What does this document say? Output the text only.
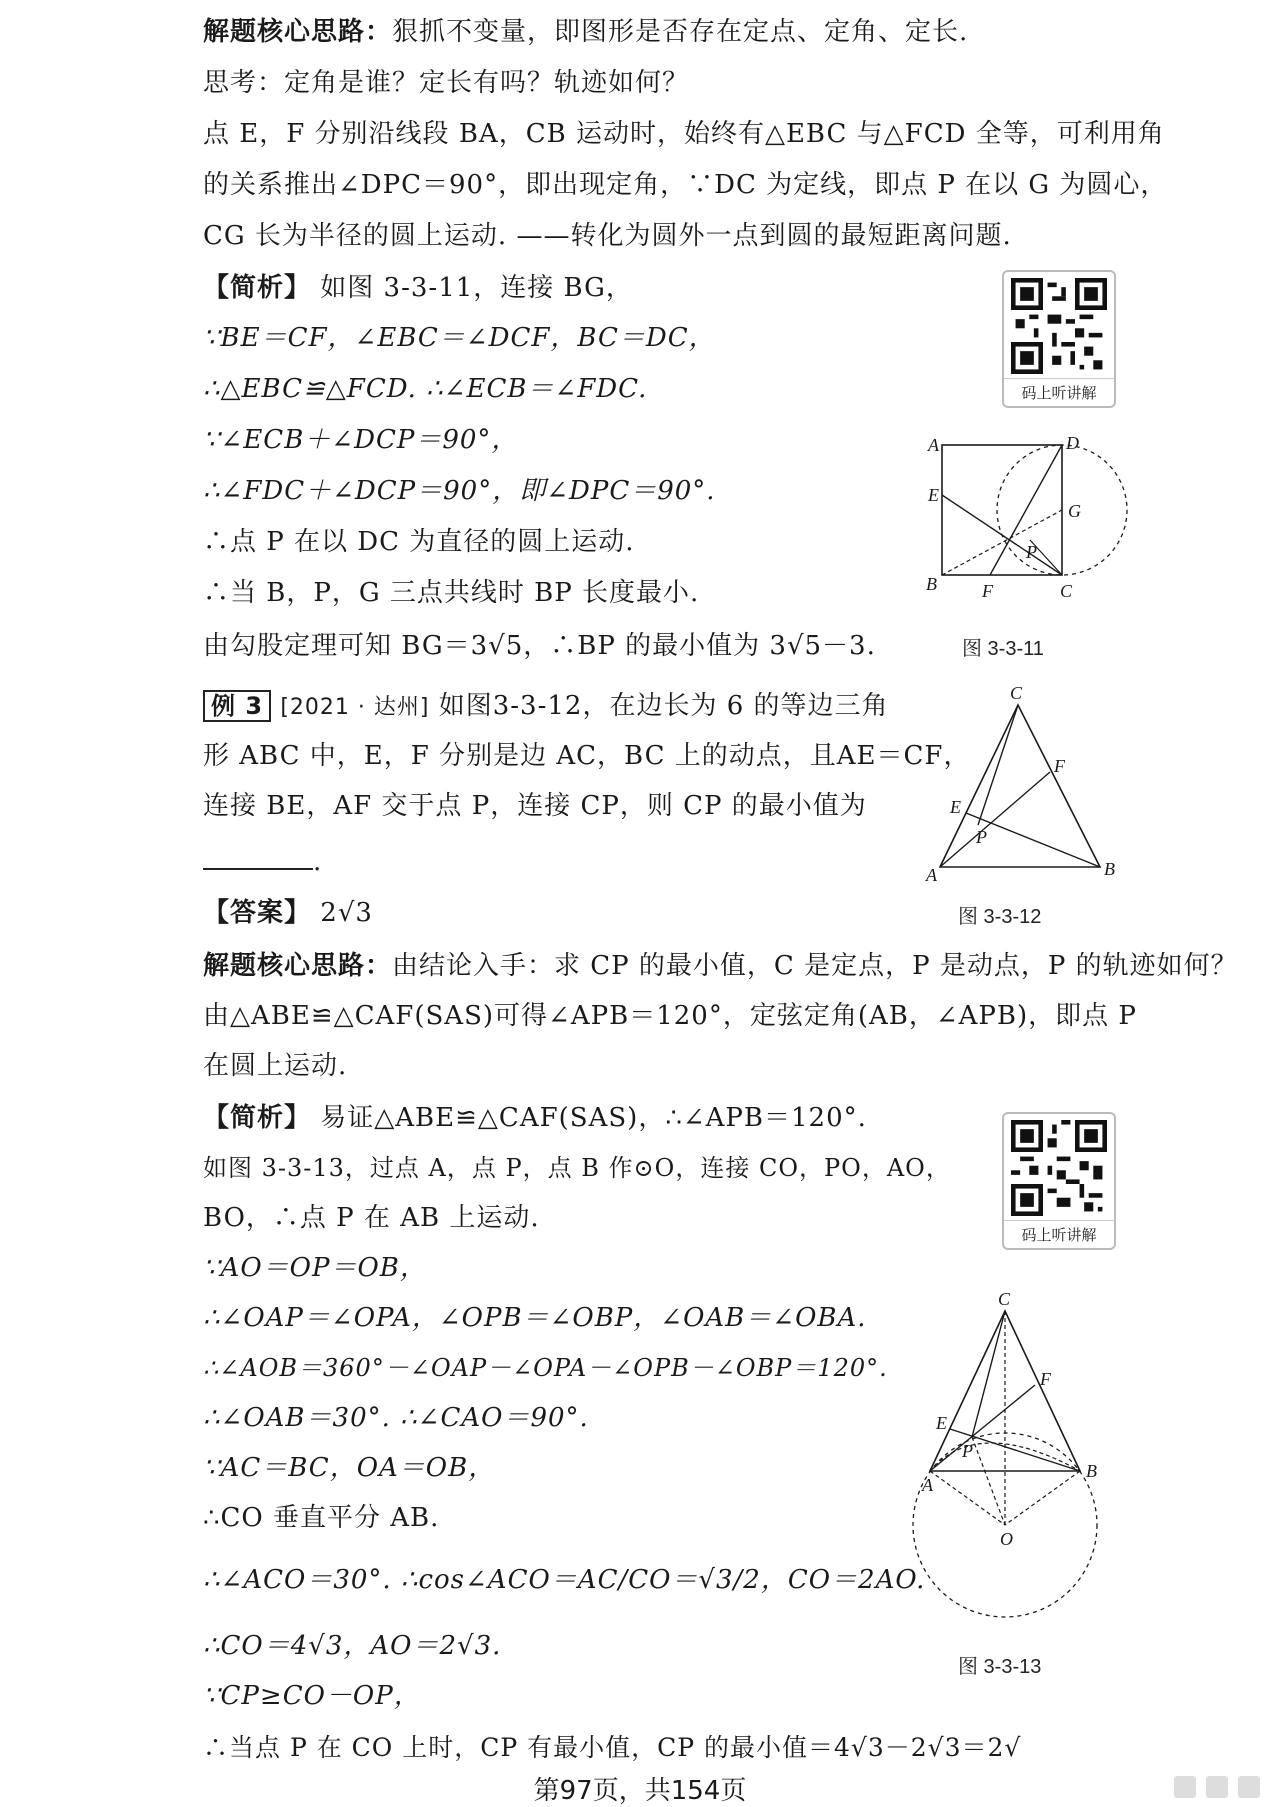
解题核心思路：狠抓不变量，即图形是否存在定点、定角、定长.
思考：定角是谁？定长有吗？轨迹如何？
点 E，F 分别沿线段 BA，CB 运动时，始终有△EBC 与△FCD 全等，可利用角
的关系推出∠DPC＝90°，即出现定角，∵DC 为定线，即点 P 在以 G 为圆心，
CG 长为半径的圆上运动. ——转化为圆外一点到圆的最短距离问题.
【简析】 如图 3-3-11，连接 BG，
∵BE＝CF，∠EBC＝∠DCF，BC＝DC，
∴△EBC≌△FCD. ∴∠ECB＝∠FDC.
∵∠ECB＋∠DCP＝90°，
∴∠FDC＋∠DCP＝90°，即∠DPC＝90°.
∴点 P 在以 DC 为直径的圆上运动.
∴当 B，P，G 三点共线时 BP 长度最小.
由勾股定理可知 BG＝3√5，∴BP 的最小值为 3√5－3.
码上听讲解
A	D
E
G
P
B	F	C
图 3-3-11
例 3 [2021 · 达州] 如图3-3-12，在边长为 6 的等边三角
形 ABC 中，E，F 分别是边 AC，BC 上的动点，且AE＝CF，
连接 BE，AF 交于点 P，连接 CP，则 CP 的最小值为
.
C
F
E
P
A	B
图 3-3-12
【答案】 2√3
解题核心思路：由结论入手：求 CP 的最小值，C 是定点，P 是动点，P 的轨迹如何？
由△ABE≌△CAF(SAS)可得∠APB＝120°，定弦定角(AB，∠APB)，即点 P
在圆上运动.
【简析】 易证△ABE≌△CAF(SAS)，∴∠APB＝120°.
如图 3-3-13，过点 A，点 P，点 B 作⊙O，连接 CO，PO，AO，
BO，∴点 P 在 AB 上运动.
∵AO＝OP＝OB，
∴∠OAP＝∠OPA，∠OPB＝∠OBP，∠OAB＝∠OBA.
∴∠AOB＝360°－∠OAP－∠OPA－∠OPB－∠OBP＝120°.
∴∠OAB＝30°. ∴∠CAO＝90°.
∵AC＝BC，OA＝OB，
∴CO 垂直平分 AB.
∴∠ACO＝30°. ∴cos∠ACO＝AC/CO＝√3/2，CO＝2AO.
∴CO＝4√3，AO＝2√3.
∵CP≥CO－OP，
∴当点 P 在 CO 上时，CP 有最小值，CP 的最小值＝4√3－2√3＝2√
码上听讲解
C
F
E
P
A
B
O
图 3-3-13
第97页，共154页
